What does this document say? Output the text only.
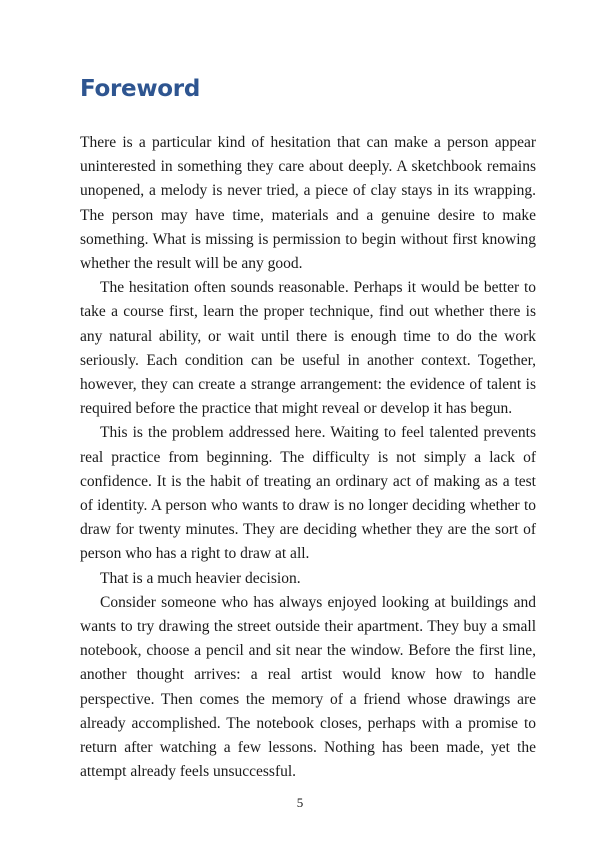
Foreword

There is a particular kind of hesitation that can make a person appear uninterested in something they care about deeply. A sketchbook remains unopened, a melody is never tried, a piece of clay stays in its wrapping. The person may have time, materials and a genuine desire to make something. What is missing is permission to begin without first knowing whether the result will be any good.

The hesitation often sounds reasonable. Perhaps it would be better to take a course first, learn the proper technique, find out whether there is any natural ability, or wait until there is enough time to do the work seriously. Each condition can be useful in another context. Together, however, they can create a strange arrangement: the evidence of talent is required before the practice that might reveal or develop it has begun.

This is the problem addressed here. Waiting to feel talented prevents real practice from beginning. The difficulty is not simply a lack of confidence. It is the habit of treating an ordinary act of making as a test of identity. A person who wants to draw is no longer deciding whether to draw for twenty minutes. They are deciding whether they are the sort of person who has a right to draw at all.

That is a much heavier decision.

Consider someone who has always enjoyed looking at buildings and wants to try drawing the street outside their apartment. They buy a small notebook, choose a pencil and sit near the window. Before the first line, another thought arrives: a real artist would know how to handle perspective. Then comes the memory of a friend whose drawings are already accomplished. The notebook closes, perhaps with a promise to return after watching a few lessons. Nothing has been made, yet the attempt already feels unsuccessful.

5
